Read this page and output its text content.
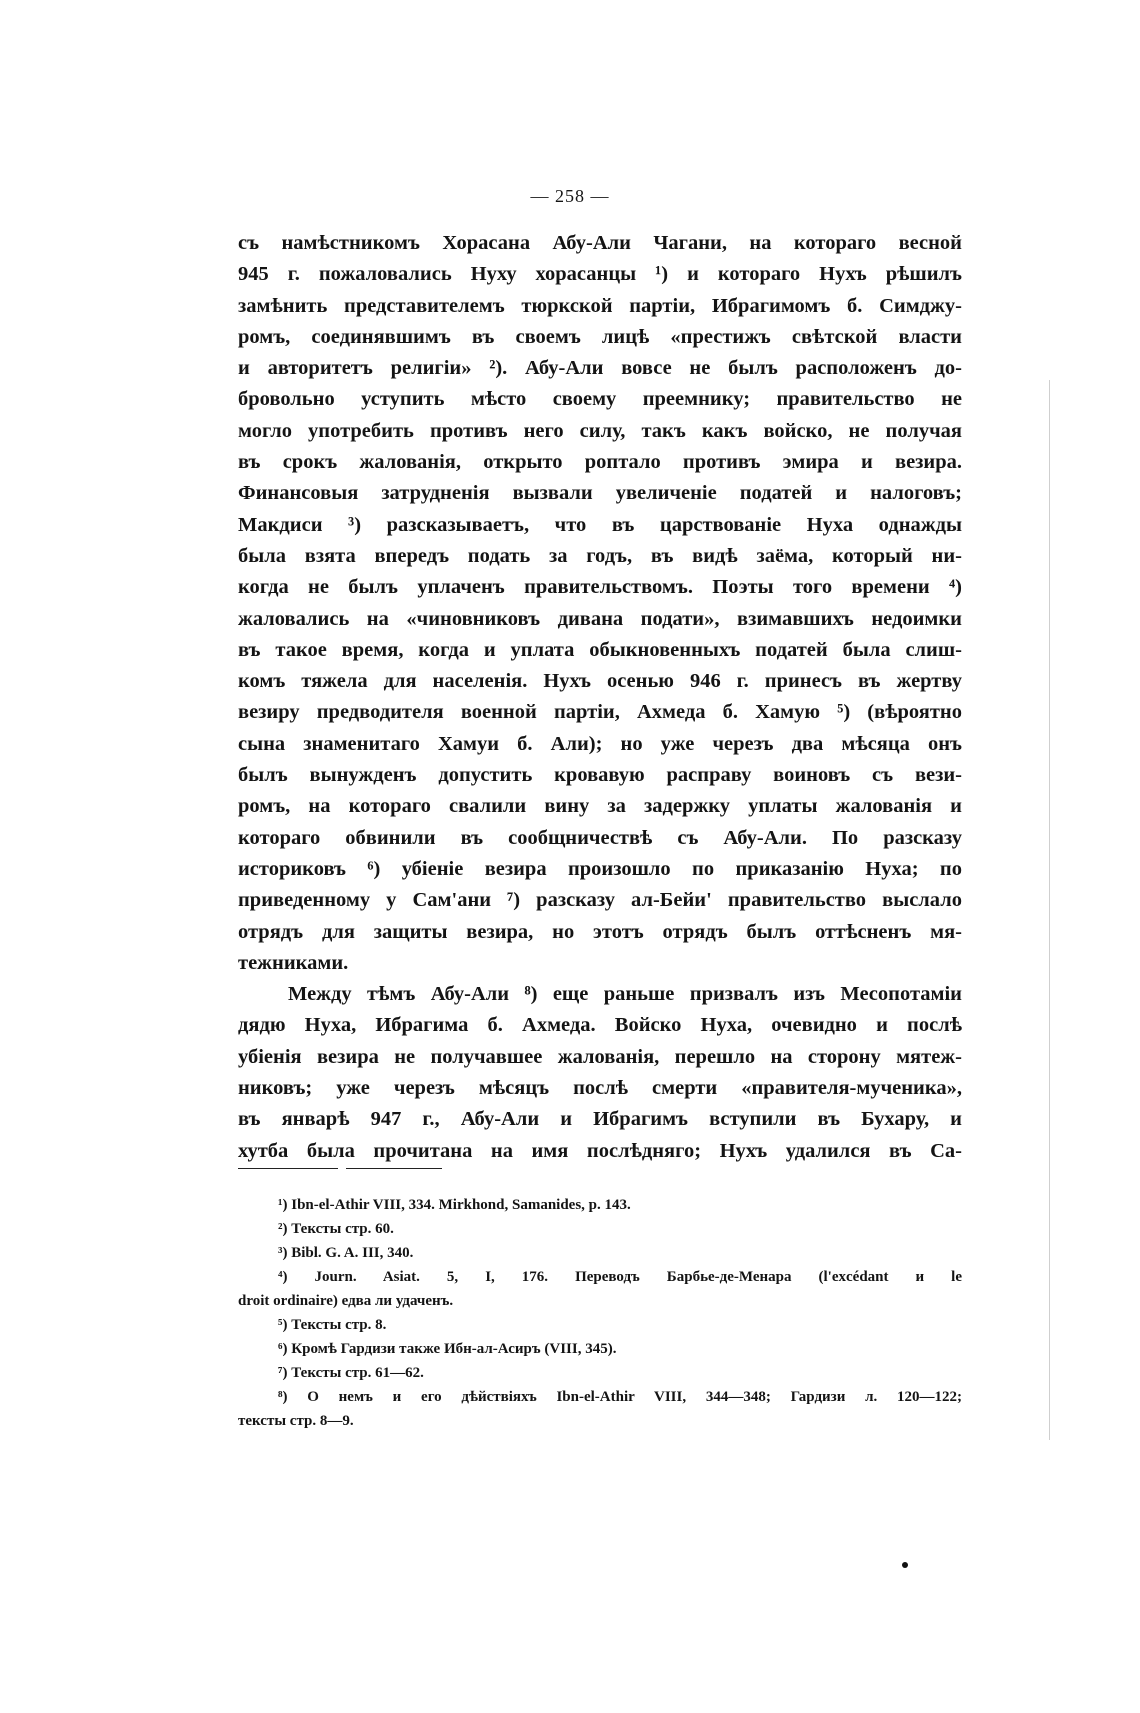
— 258 —
съ намѣстникомъ Хорасана Абу-Али Чагани, на котораго весной
945 г. пожаловались Нуху хорасанцы ¹) и котораго Нухъ рѣшилъ
замѣнить представителемъ тюркской партіи, Ибрагимомъ б. Симджу-
ромъ, соединявшимъ въ своемъ лицѣ «престижъ свѣтской власти
и авторитетъ религіи» ²). Абу-Али вовсе не былъ расположенъ до-
бровольно уступить мѣсто своему преемнику; правительство не
могло употребить противъ него силу, такъ какъ войско, не получая
въ срокъ жалованія, открыто роптало противъ эмира и везира.
Финансовыя затрудненія вызвали увеличеніе податей и налоговъ;
Макдиси ³) разсказываетъ, что въ царствованіе Нуха однажды
была взята впередъ подать за годъ, въ видѣ заёма, который ни-
когда не былъ уплаченъ правительствомъ. Поэты того времени ⁴)
жаловались на «чиновниковъ дивана подати», взимавшихъ недоимки
въ такое время, когда и уплата обыкновенныхъ податей была слиш-
комъ тяжела для населенія. Нухъ осенью 946 г. принесъ въ жертву
везиру предводителя военной партіи, Ахмеда б. Хамую ⁵) (вѣроятно
сына знаменитаго Хамуи б. Али); но уже черезъ два мѣсяца онъ
былъ вынужденъ допустить кровавую расправу воиновъ съ вези-
ромъ, на котораго свалили вину за задержку уплаты жалованія и
котораго обвинили въ сообщничествѣ съ Абу-Али. По разсказу
историковъ ⁶) убіеніе везира произошло по приказанію Нуха; по
приведенному у Сам'ани ⁷) разсказу ал-Бейи' правительство выслало
отрядъ для защиты везира, но этотъ отрядъ былъ оттѣсненъ мя-
тежниками.
Между тѣмъ Абу-Али ⁸) еще раньше призвалъ изъ Месопотаміи
дядю Нуха, Ибрагима б. Ахмеда. Войско Нуха, очевидно и послѣ
убіенія везира не получавшее жалованія, перешло на сторону мятеж-
никовъ; уже черезъ мѣсяцъ послѣ смерти «правителя-мученика»,
въ январѣ 947 г., Абу-Али и Ибрагимъ вступили въ Бухару, и
хутба была прочитана на имя послѣдняго; Нухъ удалился въ Са-
¹) Ibn-el-Athir VIII, 334. Mirkhond, Samanides, p. 143.
²) Тексты стр. 60.
³) Bibl. G. A. III, 340.
⁴) Journ. Asiat. 5, I, 176. Переводъ Барбье-де-Менара (l'excédant и le
droit ordinaire) едва ли удаченъ.
⁵) Тексты стр. 8.
⁶) Кромѣ Гардизи также Ибн-ал-Асиръ (VIII, 345).
⁷) Тексты стр. 61—62.
⁸) О немъ и его дѣйствіяхъ Ibn-el-Athir VIII, 344—348; Гардизи л. 120—122;
тексты стр. 8—9.
